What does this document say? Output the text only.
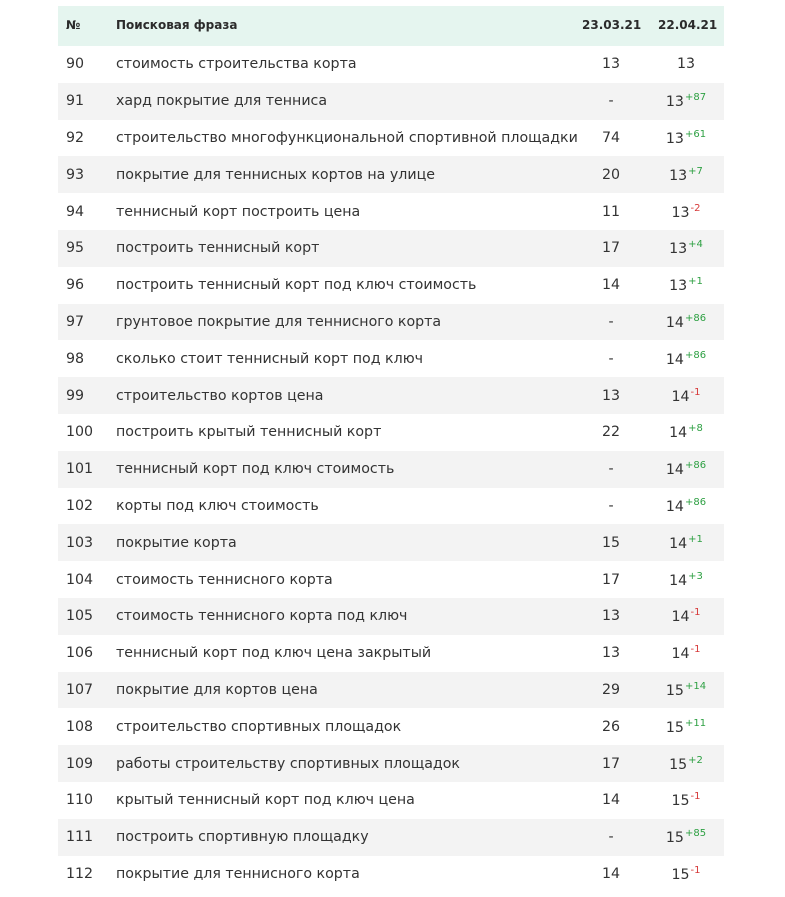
№	Поисковая фраза	23.03.21 22.04.21
90 стоимость строительства корта	13	13
91 хард покрытие для тенниса	-	$13^{+87}$
92 строительство многофункциональной спортивной площадки	74	$13^{+61}$
93 покрытие для теннисных кортов на улице	20	$13^{+7}$
94 теннисный корт построить цена	11	$13^{-2}$
95 построить теннисный корт	17	$13^{+4}$
96 построить теннисный корт под ключ стоимость	14	$13^{+1}$
97 грунтовое покрытие для теннисного корта	-	$14^{+86}$
98 сколько стоит теннисный корт под ключ	-	$14^{+86}$
99 строительство кортов цена	13	$14^{-1}$
100 построить крытый теннисный корт	22	$14^{+8}$
101 теннисный корт под ключ стоимость	-	$14^{+86}$
102 корты под ключ стоимость	-	$14^{+86}$
103 покрытие корта	15	$14^{+1}$
104 стоимость теннисного корта	17	$14^{+3}$
105 стоимость теннисного корта под ключ	13	$14^{-1}$
106 теннисный корт под ключ цена закрытый	13	$14^{-1}$
107 покрытие для кортов цена	29	$15^{+14}$
108 строительство спортивных площадок	26	$15^{+11}$
109 работы строительству спортивных площадок	17	$15^{+2}$
110 крытый теннисный корт под ключ цена	14	$15^{-1}$
111 построить спортивную площадку	-	$15^{+85}$
112 покрытие для теннисного корта	14	$15^{-1}$
